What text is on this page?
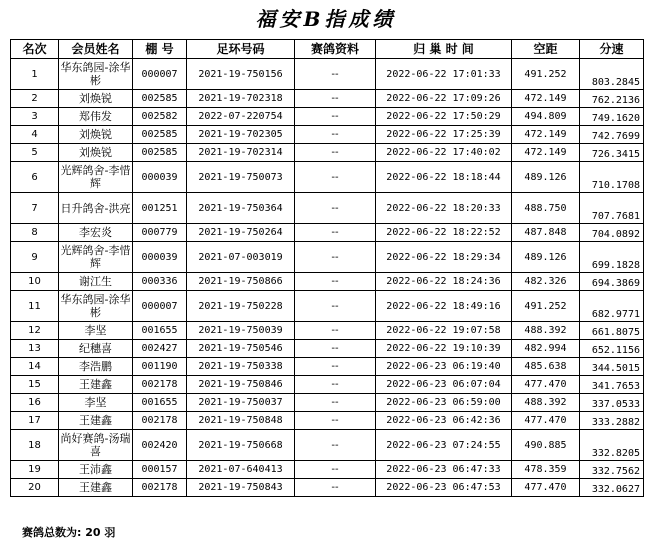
福安B指成绩
名次	会员姓名	棚 号	足环号码	赛鸽资料	归 巢 时 间	空距	分速
1	华东鸽园-涂华彬	000007	2021-19-750156	--	2022-06-22 17:01:33	491.252	803.2845
2	刘焕锐	002585	2021-19-702318	--	2022-06-22 17:09:26	472.149	762.2136
3	郑伟发	002582	2022-07-220754	--	2022-06-22 17:50:29	494.809	749.1620
4	刘焕锐	002585	2021-19-702305	--	2022-06-22 17:25:39	472.149	742.7699
5	刘焕锐	002585	2021-19-702314	--	2022-06-22 17:40:02	472.149	726.3415
6	光辉鸽舍-李惜辉	000039	2021-19-750073	--	2022-06-22 18:18:44	489.126	710.1708
7	日升鸽舍-洪亮	001251	2021-19-750364	--	2022-06-22 18:20:33	488.750	707.7681
8	李宏炎	000779	2021-19-750264	--	2022-06-22 18:22:52	487.848	704.0892
9	光辉鸽舍-李惜辉	000039	2021-07-003019	--	2022-06-22 18:29:34	489.126	699.1828
10	谢江生	000336	2021-19-750866	--	2022-06-22 18:24:36	482.326	694.3869
11	华东鸽园-涂华彬	000007	2021-19-750228	--	2022-06-22 18:49:16	491.252	682.9771
12	李坚	001655	2021-19-750039	--	2022-06-22 19:07:58	488.392	661.8075
13	纪穗喜	002427	2021-19-750546	--	2022-06-22 19:10:39	482.994	652.1156
14	李浩鹏	001190	2021-19-750338	--	2022-06-23 06:19:40	485.638	344.5015
15	王建鑫	002178	2021-19-750846	--	2022-06-23 06:07:04	477.470	341.7653
16	李坚	001655	2021-19-750037	--	2022-06-23 06:59:00	488.392	337.0533
17	王建鑫	002178	2021-19-750848	--	2022-06-23 06:42:36	477.470	333.2882
18	尚好赛鸽-汤瑞喜	002420	2021-19-750668	--	2022-06-23 07:24:55	490.885	332.8205
19	王沛鑫	000157	2021-07-640413	--	2022-06-23 06:47:33	478.359	332.7562
20	王建鑫	002178	2021-19-750843	--	2022-06-23 06:47:53	477.470	332.0627
赛鸽总数为: 20 羽
